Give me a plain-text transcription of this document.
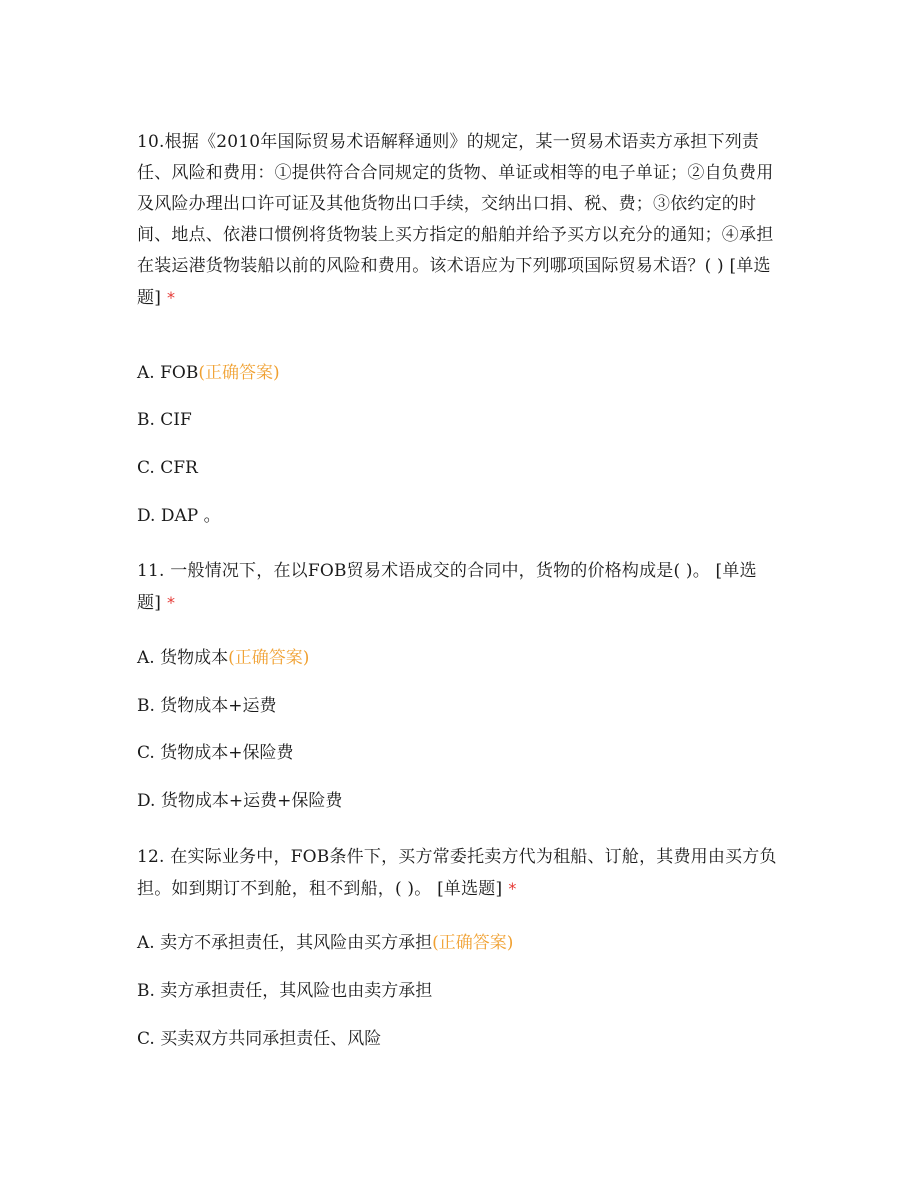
10.根据《2010年国际贸易术语解释通则》的规定，某一贸易术语卖方承担下列责任、风险和费用：①提供符合合同规定的货物、单证或相等的电子单证；②自负费用及风险办理出口许可证及其他货物出口手续，交纳出口捐、税、费；③依约定的时间、地点、依港口惯例将货物装上买方指定的船舶并给予买方以充分的通知；④承担在装运港货物装船以前的风险和费用。该术语应为下列哪项国际贸易术语？( ) [单选题] *
A. FOB(正确答案)
B. CIF
C. CFR
D. DAP 。
11. 一般情况下，在以FOB贸易术语成交的合同中，货物的价格构成是( )。 [单选题] *
A. 货物成本(正确答案)
B. 货物成本+运费
C. 货物成本+保险费
D. 货物成本+运费+保险费
12. 在实际业务中，FOB条件下，买方常委托卖方代为租船、订舱，其费用由买方负担。如到期订不到舱，租不到船，( )。 [单选题] *
A. 卖方不承担责任，其风险由买方承担(正确答案)
B. 卖方承担责任，其风险也由卖方承担
C. 买卖双方共同承担责任、风险
